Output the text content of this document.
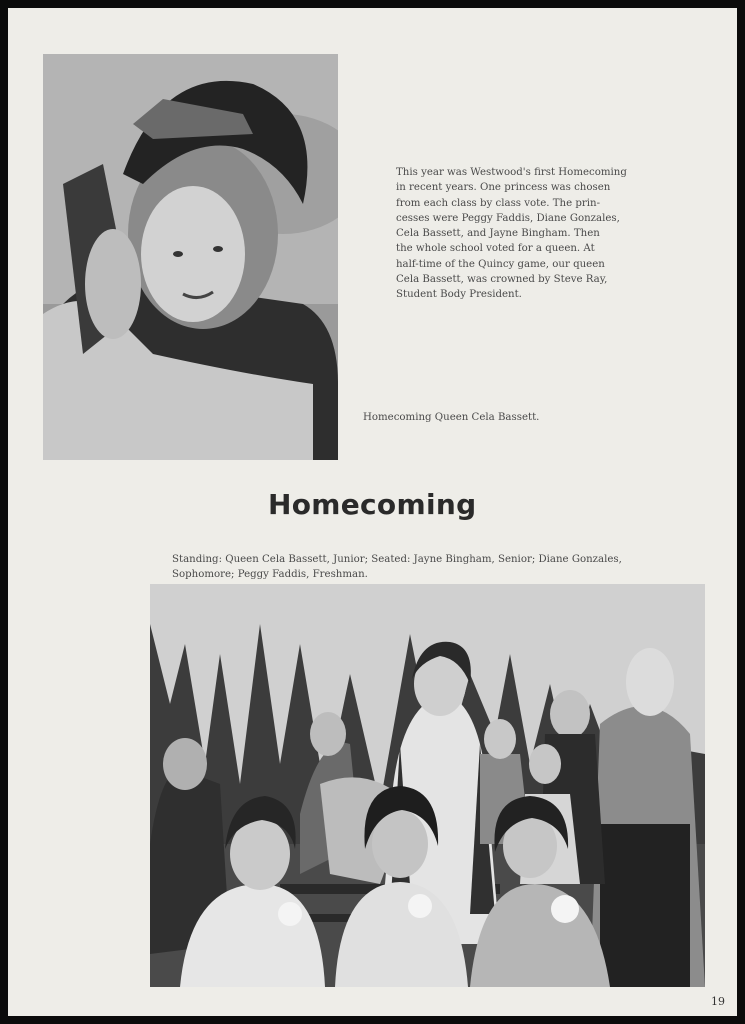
This year was Westwood's first Homecoming
in recent years. One princess was chosen
from each class by class vote. The prin-
cesses were Peggy Faddis, Diane Gonzales,
Cela Bassett, and Jayne Bingham. Then
the whole school voted for a queen. At
half-time of the Quincy game, our queen
Cela Bassett, was crowned by Steve Ray,
Student Body President.
Homecoming Queen Cela Bassett.
Homecoming
Standing: Queen Cela Bassett, Junior; Seated: Jayne Bingham, Senior; Diane Gonzales,
Sophomore; Peggy Faddis, Freshman.
19
